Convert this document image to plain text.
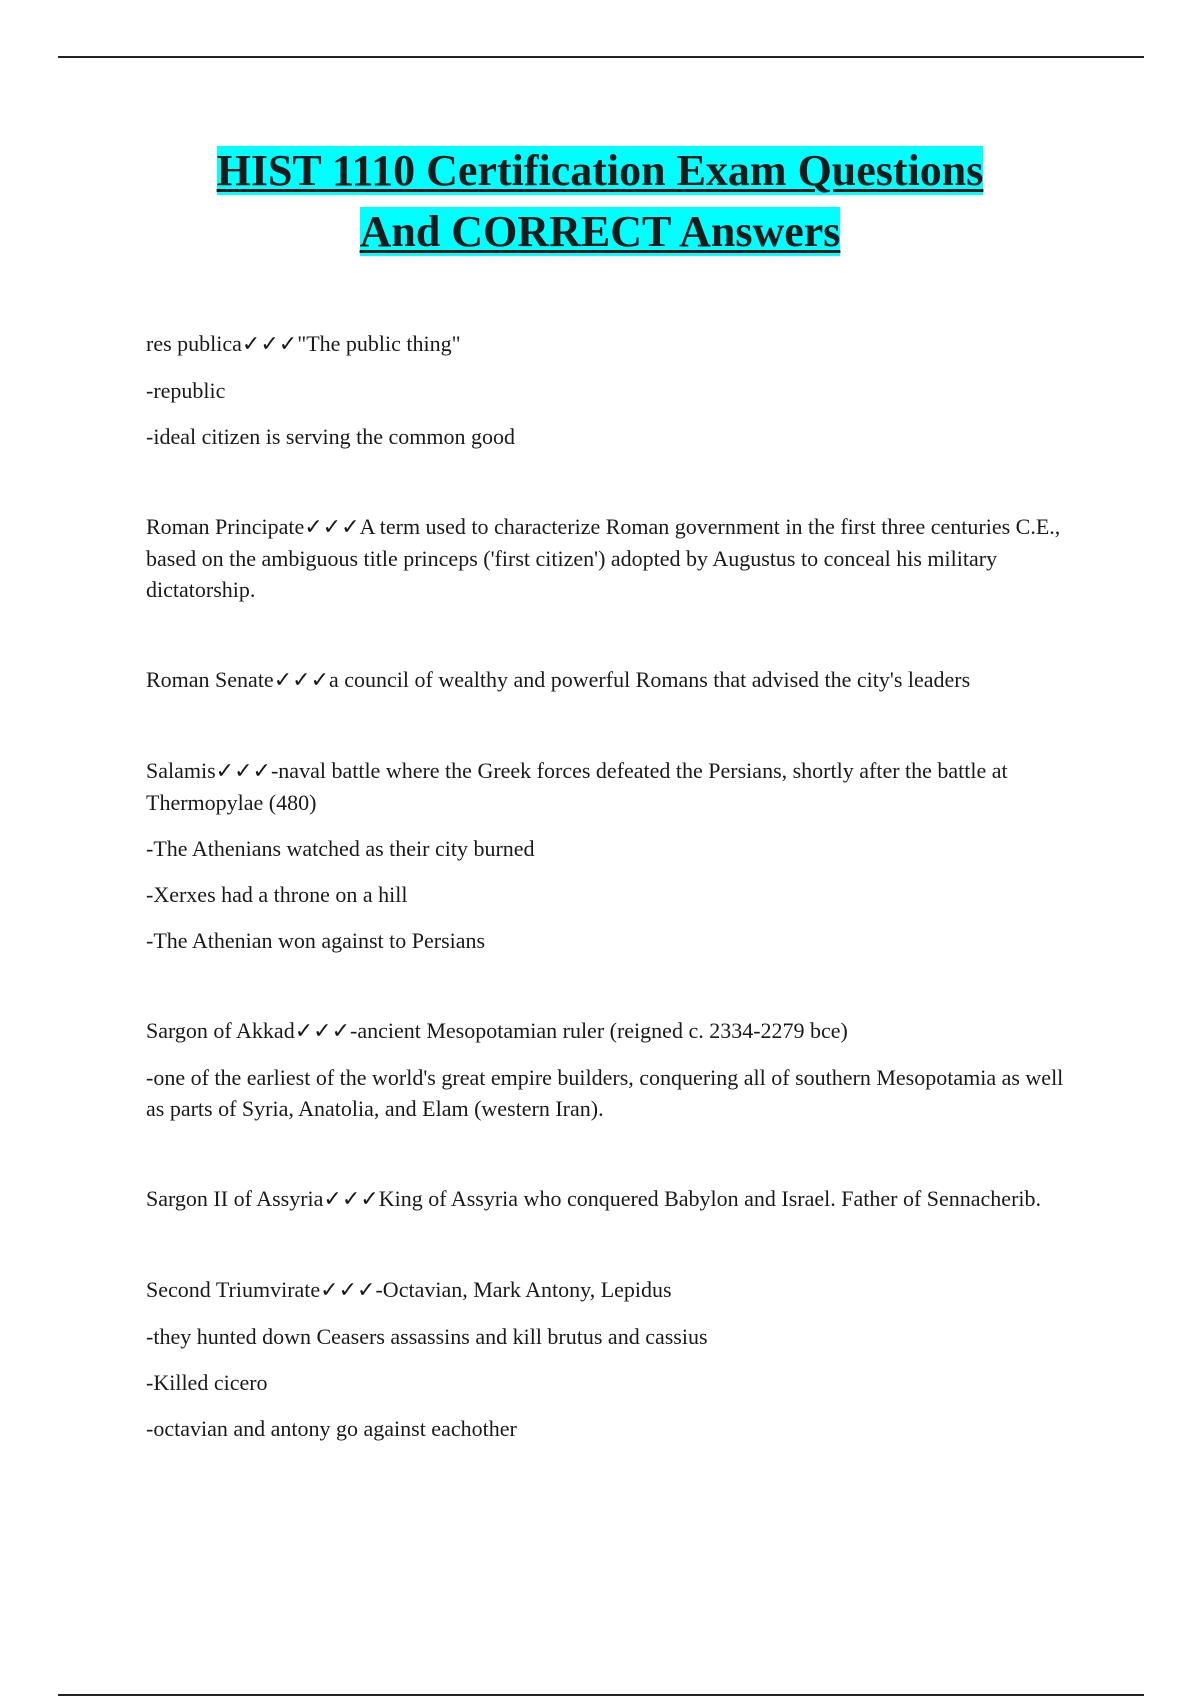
HIST 1110 Certification Exam Questions
And CORRECT Answers

res publica✓✓✓"The public thing"

-republic

-ideal citizen is serving the common good

Roman Principate✓✓✓A term used to characterize Roman government in the first three centuries C.E., based on the ambiguous title princeps ('first citizen') adopted by Augustus to conceal his military dictatorship.

Roman Senate✓✓✓a council of wealthy and powerful Romans that advised the city's leaders

Salamis✓✓✓-naval battle where the Greek forces defeated the Persians, shortly after the battle at Thermopylae (480)

-The Athenians watched as their city burned

-Xerxes had a throne on a hill

-The Athenian won against to Persians

Sargon of Akkad✓✓✓-ancient Mesopotamian ruler (reigned c. 2334-2279 bce)

-one of the earliest of the world's great empire builders, conquering all of southern Mesopotamia as well as parts of Syria, Anatolia, and Elam (western Iran).

Sargon II of Assyria✓✓✓King of Assyria who conquered Babylon and Israel. Father of Sennacherib.

Second Triumvirate✓✓✓-Octavian, Mark Antony, Lepidus

-they hunted down Ceasers assassins and kill brutus and cassius

-Killed cicero

-octavian and antony go against eachother
